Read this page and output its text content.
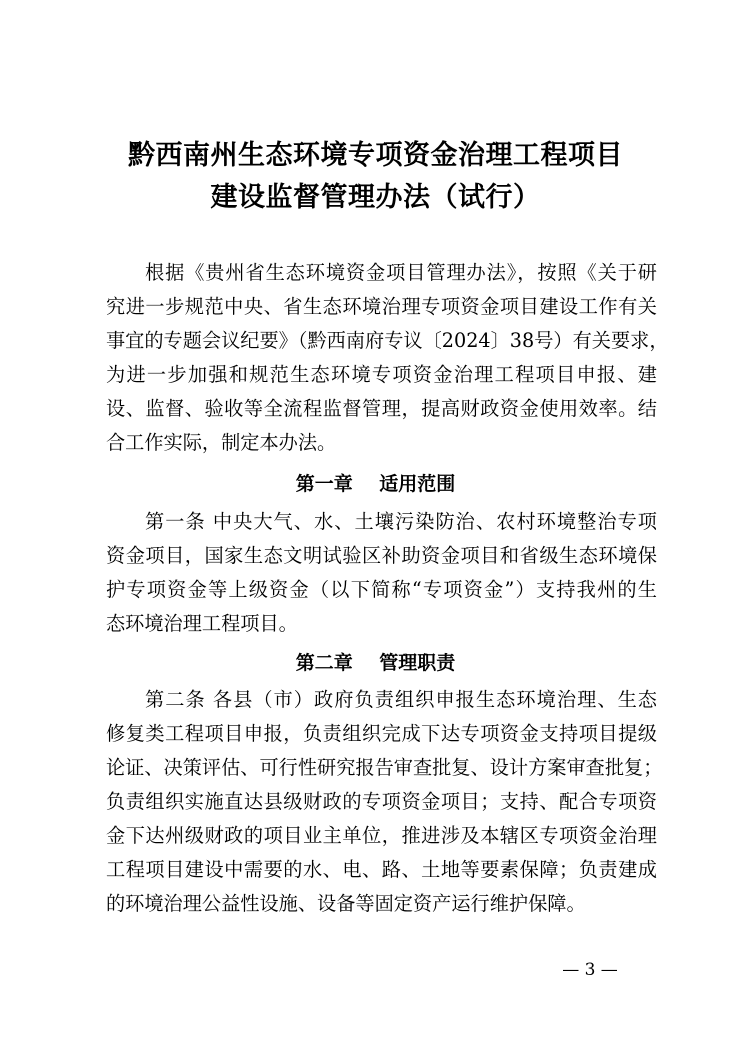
黔西南州生态环境专项资金治理工程项目
建设监督管理办法（试行）
根据《贵州省生态环境资金项目管理办法》，按照《关于研
究进一步规范中央、省生态环境治理专项资金项目建设工作有关
事宜的专题会议纪要》（黔西南府专议〔2024〕38号）有关要求，
为进一步加强和规范生态环境专项资金治理工程项目申报、建
设、监督、验收等全流程监督管理，提高财政资金使用效率。结
合工作实际，制定本办法。
第一章    适用范围
第一条 中央大气、水、土壤污染防治、农村环境整治专项
资金项目，国家生态文明试验区补助资金项目和省级生态环境保
护专项资金等上级资金（以下简称“专项资金”）支持我州的生
态环境治理工程项目。
第二章    管理职责
第二条 各县（市）政府负责组织申报生态环境治理、生态
修复类工程项目申报，负责组织完成下达专项资金支持项目提级
论证、决策评估、可行性研究报告审查批复、设计方案审查批复；
负责组织实施直达县级财政的专项资金项目；支持、配合专项资
金下达州级财政的项目业主单位，推进涉及本辖区专项资金治理
工程项目建设中需要的水、电、路、土地等要素保障；负责建成
的环境治理公益性设施、设备等固定资产运行维护保障。
— 3 —
